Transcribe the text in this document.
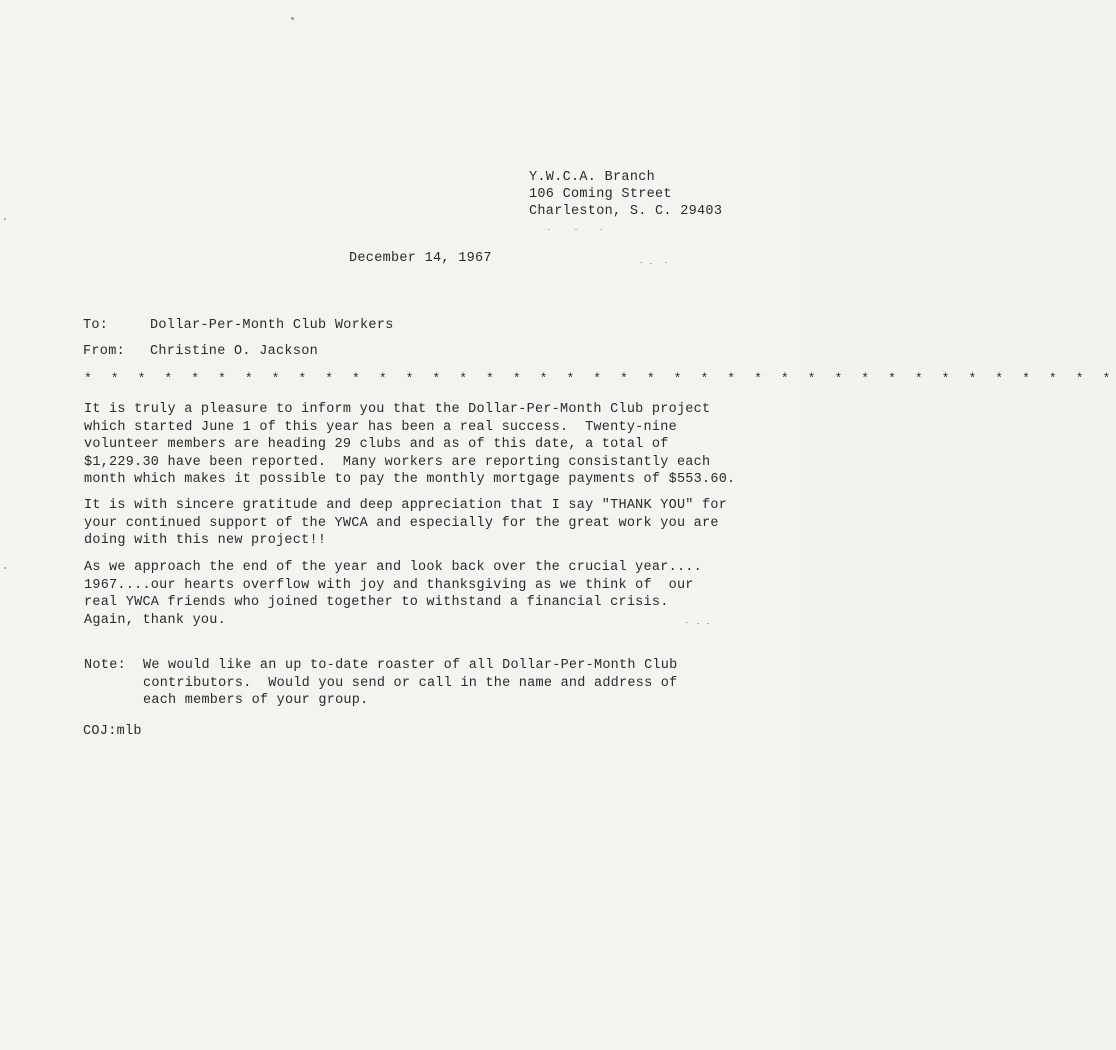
Y.W.C.A. Branch
106 Coming Street
Charleston, S. C. 29403
December 14, 1967
To:	Dollar-Per-Month Club Workers
From: Christine O. Jackson
* * * * * * * * * * * * * * * * * * * * * * * * * * * * * * * * * * * * * * *
It is truly a pleasure to inform you that the Dollar-Per-Month Club project
which started June 1 of this year has been a real success.  Twenty-nine
volunteer members are heading 29 clubs and as of this date, a total of
$1,229.30 have been reported.  Many workers are reporting consistantly each
month which makes it possible to pay the monthly mortgage payments of $553.60.
It is with sincere gratitude and deep appreciation that I say "THANK YOU" for
your continued support of the YWCA and especially for the great work you are
doing with this new project!!
As we approach the end of the year and look back over the crucial year....
1967....our hearts overflow with joy and thanksgiving as we think of  our
real YWCA friends who joined together to withstand a financial crisis.
Again, thank you.
Note: We would like an up to-date roaster of all Dollar-Per-Month Club
contributors.  Would you send or call in the name and address of
each members of your group.
COJ:mlb
